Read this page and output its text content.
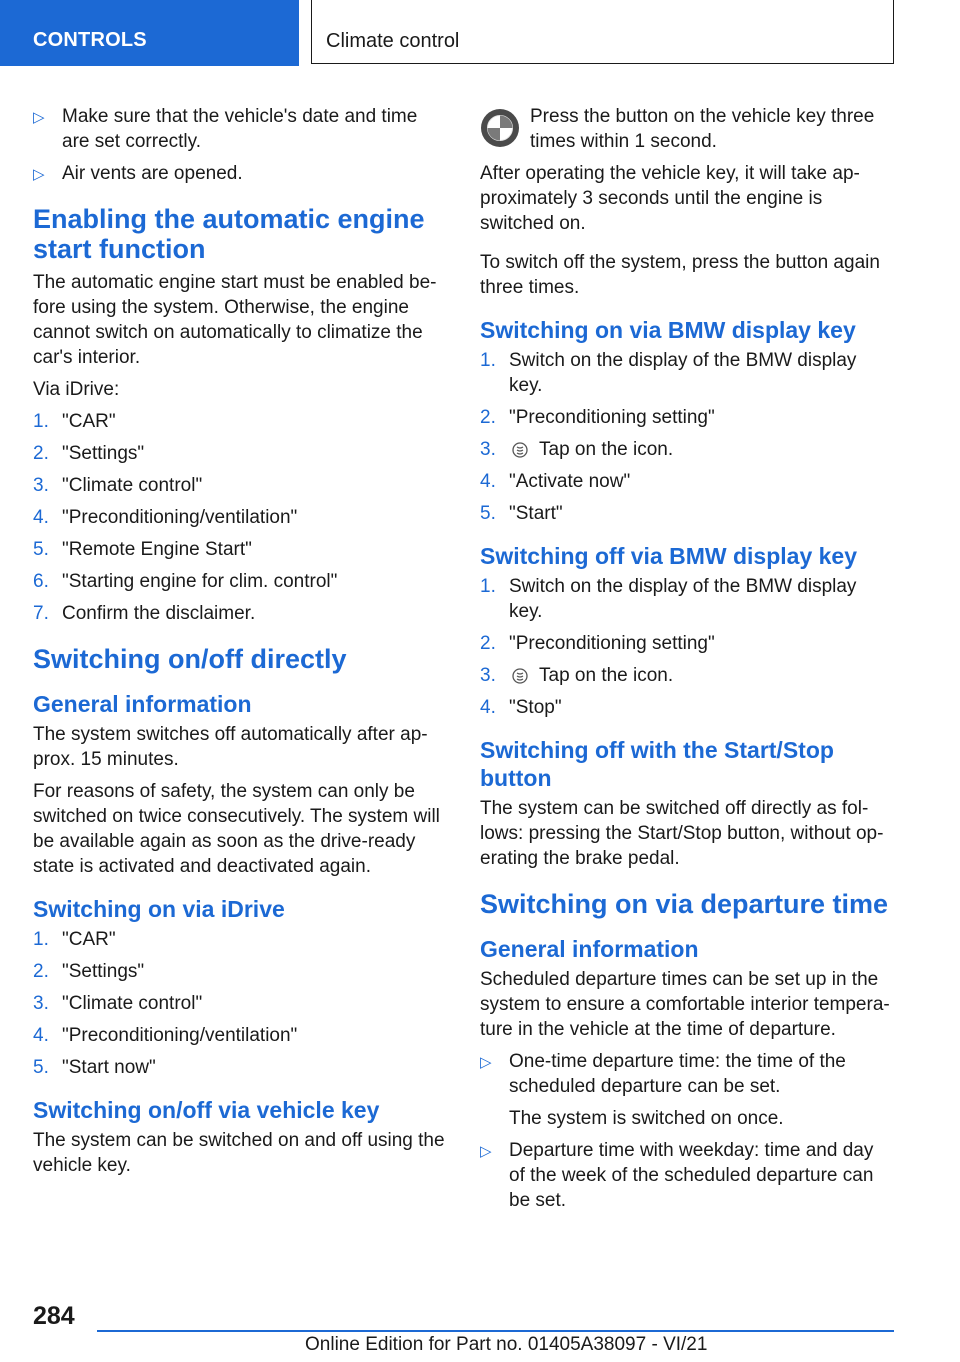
CONTROLS	Climate control
▷ Make sure that the vehicle's date and time are set correctly.
▷ Air vents are opened.
Enabling the automatic engine start function

The automatic engine start must be enabled before using the system. Otherwise, the engine cannot switch on automatically to climatize the car's interior.

Via iDrive:

1. "CAR"
2. "Settings"
3. "Climate control"
4. "Preconditioning/ventilation"
5. "Remote Engine Start"
6. "Starting engine for clim. control"
7. Confirm the disclaimer.
Switching on/off directly
General information

The system switches off automatically after approx. 15 minutes.

For reasons of safety, the system can only be switched on twice consecutively. The system will be available again as soon as the drive-ready state is activated and deactivated again.

Switching on via iDrive
1. "CAR"
2. "Settings"
3. "Climate control"
4. "Preconditioning/ventilation"
5. "Start now"
Switching on/off via vehicle key

The system can be switched on and off using the vehicle key.

Press the button on the vehicle key three times within 1 second.

After operating the vehicle key, it will take approximately 3 seconds until the engine is switched on.

To switch off the system, press the button again three times.

Switching on via BMW display key
1. Switch on the display of the BMW display key.
2. "Preconditioning setting"
3. Tap on the icon.
4. "Activate now"
5. "Start"
Switching off via BMW display key
1. Switch on the display of the BMW display key.
2. "Preconditioning setting"
3. Tap on the icon.
4. "Stop"
Switching off with the Start/Stop button

The system can be switched off directly as follows: pressing the Start/Stop button, without operating the brake pedal.

Switching on via departure time
General information

Scheduled departure times can be set up in the system to ensure a comfortable interior temperature in the vehicle at the time of departure.

▷ One-time departure time: the time of the scheduled departure can be set.

The system is switched on once.

▷ Departure time with weekday: time and day of the week of the scheduled departure can be set.
284
Online Edition for Part no. 01405A38097 - VI/21
